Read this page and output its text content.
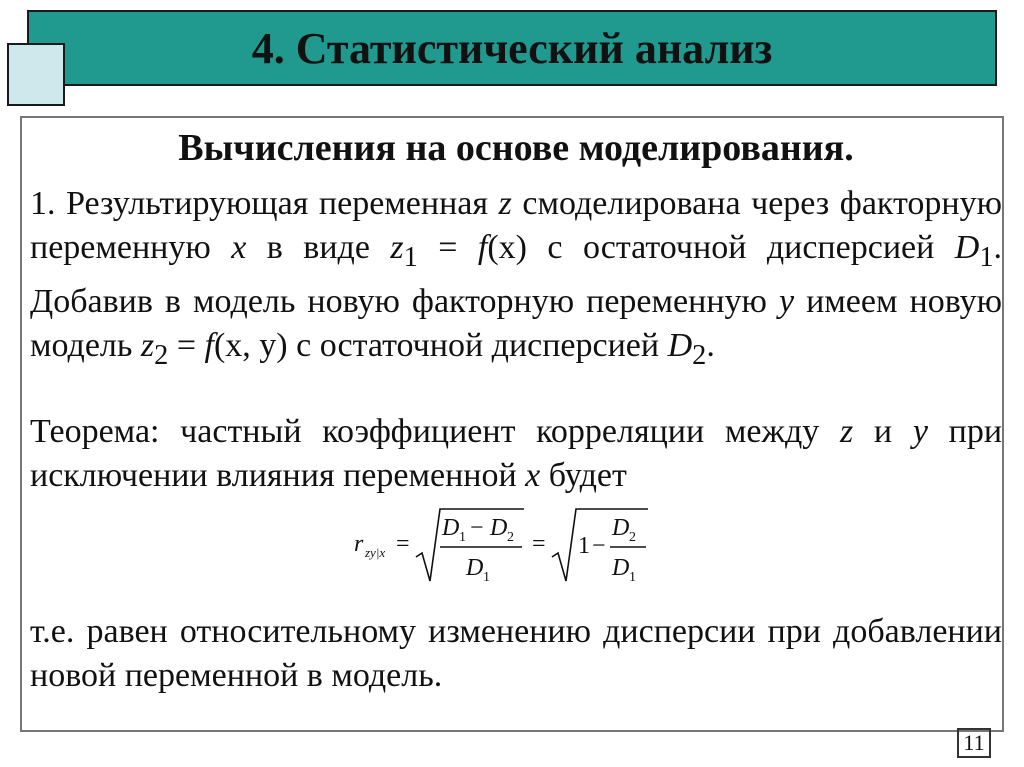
4. Статистический анализ
Вычисления на основе моделирования.
1. Результирующая переменная z смоделирована через факторную переменную x в виде $z_1 = f(x)$ с остаточной дисперсией $D_1$. Добавив в модель новую факторную переменную y имеем новую модель $z_2 = f(x$, y) с остаточной дисперсией $D_2$.
Теорема: частный коэффициент корреляции между z и y при исключении влияния переменной x будет
r zy|x =
D 1 − D 2
D 1
= 1 −
D 2
D 1
т.е. равен относительному изменению дисперсии при добавлении новой переменной в модель.
11
